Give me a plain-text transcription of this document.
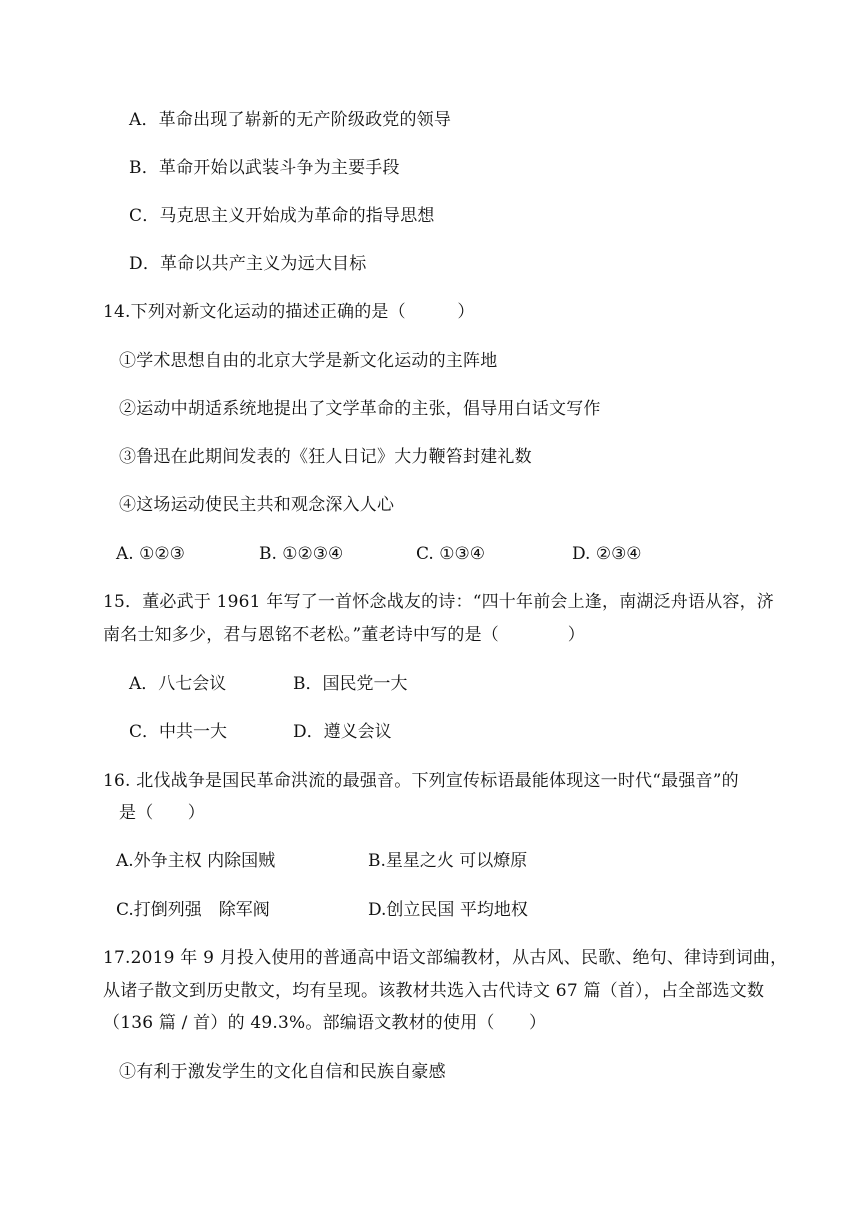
A．革命出现了崭新的无产阶级政党的领导
B．革命开始以武装斗争为主要手段
C．马克思主义开始成为革命的指导思想
D．革命以共产主义为远大目标
14.下列对新文化运动的描述正确的是（　　　）
①学术思想自由的北京大学是新文化运动的主阵地
②运动中胡适系统地提出了文学革命的主张，倡导用白话文写作
③鲁迅在此期间发表的《狂人日记》大力鞭笞封建礼数
④这场运动使民主共和观念深入人心
A. ①②③	B. ①②③④	C. ①③④	D. ②③④
15．董必武于 1961 年写了一首怀念战友的诗：“四十年前会上逢，南湖泛舟语从容，济
南名士知多少，君与恩铭不老松。”董老诗中写的是（　　　　）
A．八七会议	B．国民党一大
C．中共一大	D．遵义会议
16. 北伐战争是国民革命洪流的最强音。下列宣传标语最能体现这一时代“最强音”的
是（　　）
A.外争主权 内除国贼	B.星星之火 可以燎原
C.打倒列强　除军阀	D.创立民国 平均地权
17.2019 年 9 月投入使用的普通高中语文部编教材，从古风、民歌、绝句、律诗到词曲，
从诸子散文到历史散文，均有呈现。该教材共选入古代诗文 67 篇（首），占全部选文数
（136 篇 / 首）的 49.3%。部编语文教材的使用（　　）
①有利于激发学生的文化自信和民族自豪感
